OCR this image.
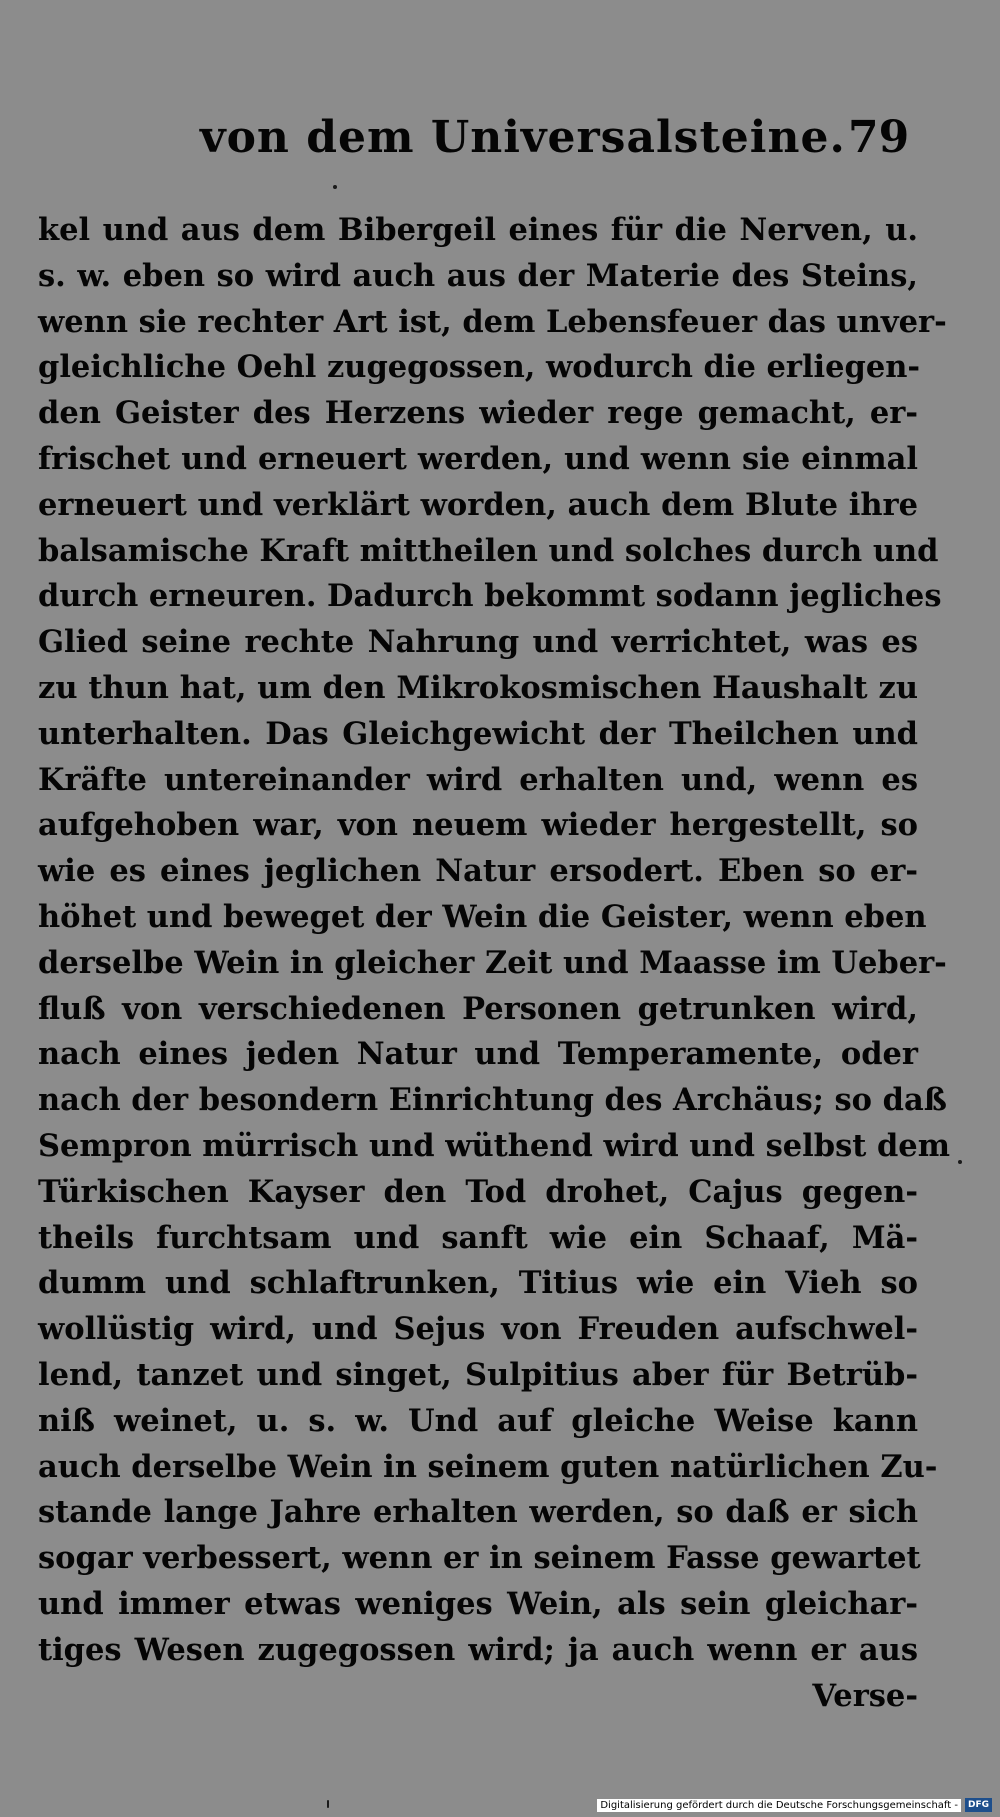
von dem Universalsteine. 79
kel und aus dem Bibergeil eines für die Nerven, u.
s. w. eben so wird auch aus der Materie des Steins,
wenn sie rechter Art ist, dem Lebensfeuer das unver-
gleichliche Oehl zugegossen, wodurch die erliegen-
den Geister des Herzens wieder rege gemacht, er-
frischet und erneuert werden, und wenn sie einmal
erneuert und verklärt worden, auch dem Blute ihre
balsamische Kraft mittheilen und solches durch und
durch erneuren. Dadurch bekommt sodann jegliches
Glied seine rechte Nahrung und verrichtet, was es
zu thun hat, um den Mikrokosmischen Haushalt zu
unterhalten. Das Gleichgewicht der Theilchen und
Kräfte untereinander wird erhalten und, wenn es
aufgehoben war, von neuem wieder hergestellt, so
wie es eines jeglichen Natur ersodert. Eben so er-
höhet und beweget der Wein die Geister, wenn eben
derselbe Wein in gleicher Zeit und Maasse im Ueber-
fluß von verschiedenen Personen getrunken wird,
nach eines jeden Natur und Temperamente, oder
nach der besondern Einrichtung des Archäus; so daß
Sempron mürrisch und wüthend wird und selbst dem
Türkischen Kayser den Tod drohet, Cajus gegen-
theils furchtsam und sanft wie ein Schaaf, Mä-
dumm und schlaftrunken, Titius wie ein Vieh so
wollüstig wird, und Sejus von Freuden aufschwel-
lend, tanzet und singet, Sulpitius aber für Betrüb-
niß weinet, u. s. w. Und auf gleiche Weise kann
auch derselbe Wein in seinem guten natürlichen Zu-
stande lange Jahre erhalten werden, so daß er sich
sogar verbessert, wenn er in seinem Fasse gewartet
und immer etwas weniges Wein, als sein gleichar-
tiges Wesen zugegossen wird; ja auch wenn er aus
Verse-
Digitalisierung gefördert durch die Deutsche Forschungsgemeinschaft -	DFG
